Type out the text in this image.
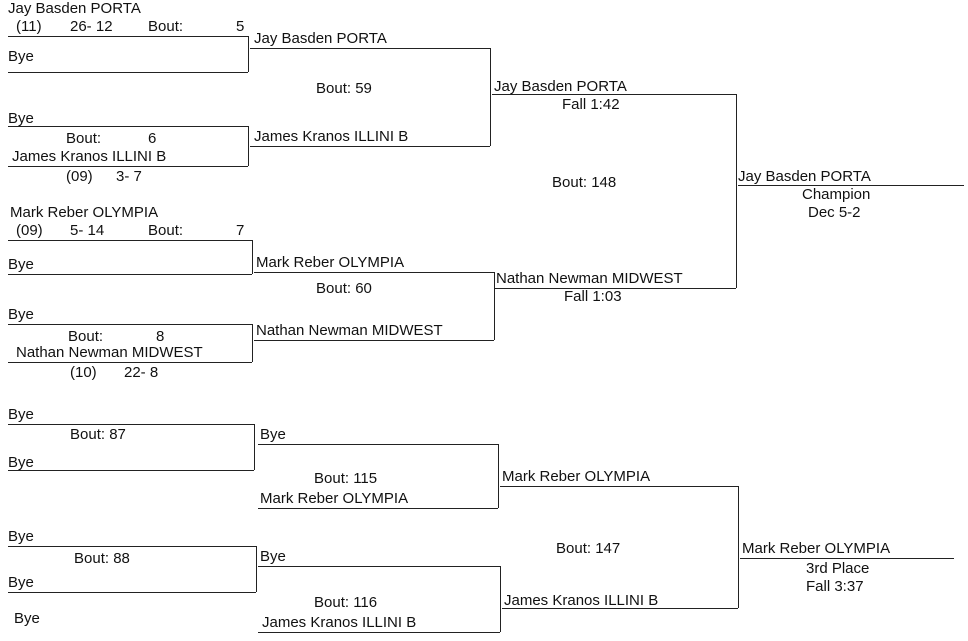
Jay Basden PORTA
(11) 26- 12 Bout:	5
Bye
Bye
Bout:	6
James Kranos ILLINI B
(09) 3- 7
Mark Reber OLYMPIA
(09) 5- 14	Bout:	7
Bye
Bye
Bout:	8
Nathan Newman MIDWEST
(10) 22- 8
Jay Basden PORTA
Bout: 59
James Kranos ILLINI B
Mark Reber OLYMPIA
Bout: 60
Nathan Newman MIDWEST
Jay Basden PORTA
Fall 1:42
Bout: 148
Nathan Newman MIDWEST
Fall 1:03
Jay Basden PORTA
Champion
Dec 5-2
Bye
Bout: 87
Bye
Bye
Bout: 88
Bye
Bye
Bye
Bout: 115
Mark Reber OLYMPIA
Bye
Bout: 116
James Kranos ILLINI B
Mark Reber OLYMPIA
Bout: 147
James Kranos ILLINI B
Mark Reber OLYMPIA
3rd Place
Fall 3:37
